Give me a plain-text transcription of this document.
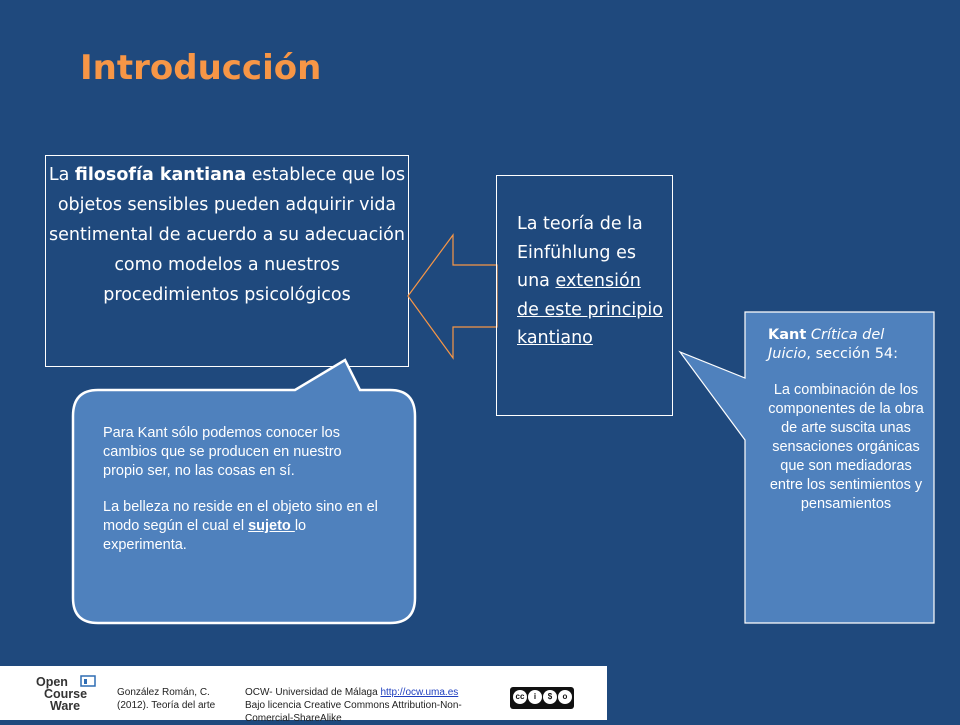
Introducción
La filosofía kantiana establece que los objetos sensibles pueden adquirir vida sentimental de acuerdo a su adecuación como modelos a nuestros procedimientos psicológicos
La teoría de la Einfühlung es una extensión de este principio kantiano

Para Kant sólo podemos conocer los cambios que se producen en nuestro propio ser, no las cosas en sí.

La belleza no reside en el objeto sino en el modo según el cual el sujeto lo experimenta.

Kant Crítica del Juicio, sección 54:
La combinación de los componentes de la obra de arte suscita unas sensaciones orgánicas que son mediadoras entre los sentimientos y pensamientos
Open
Course
Ware
González Román, C.
(2012). Teoría del arte
OCW- Universidad de Málaga http://ocw.uma.es
Bajo licencia Creative Commons Attribution-Non-Comercial-ShareAlike
cc	i	$	o
